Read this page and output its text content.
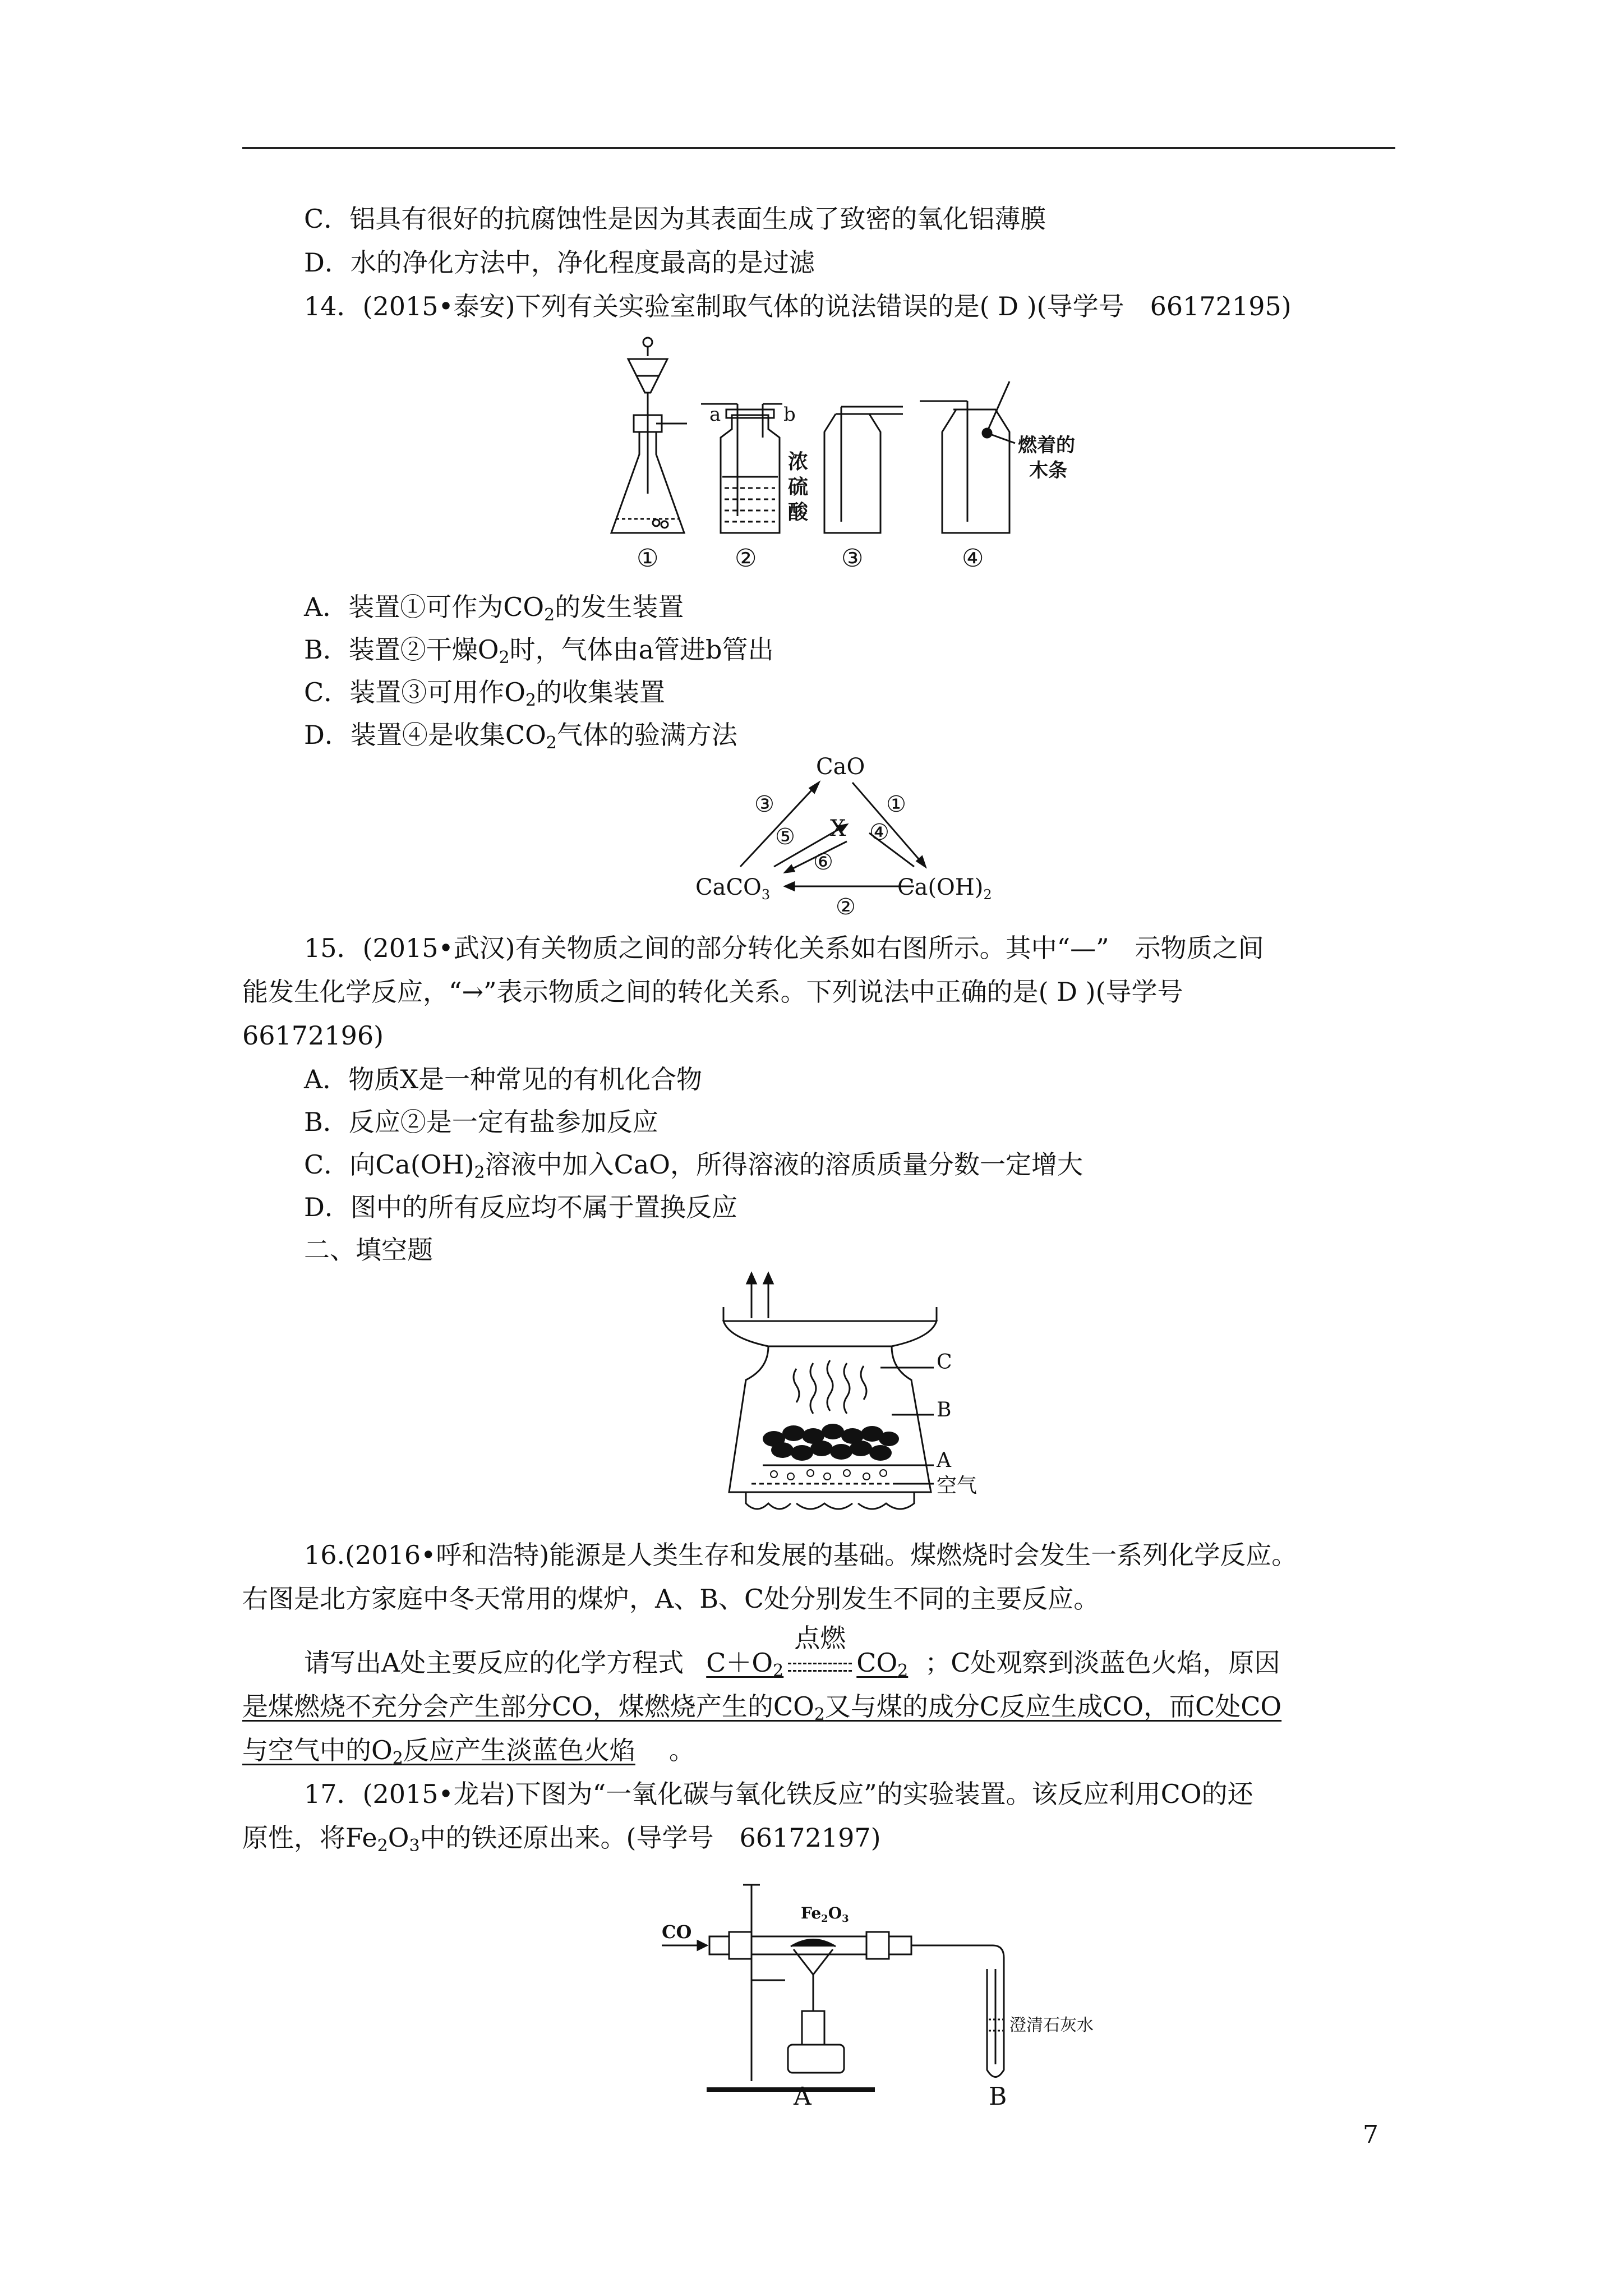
C．铝具有很好的抗腐蚀性是因为其表面生成了致密的氧化铝薄膜
D．水的净化方法中，净化程度最高的是过滤
14．(2015•泰安)下列有关实验室制取气体的说法错误的是( D )(导学号　66172195)
①	②	③	④
a	b
浓
硫
酸
燃着的
木条
A．装置①可作为$CO_2$的发生装置
B．装置②干燥$O_2$时，气体由a管进b管出
C．装置③可用作$O_2$的收集装置
D．装置④是收集$CO_2$气体的验满方法
CaO
X
CaCO$_3$	$Ca(OH)_2$
①
②
③
④
⑤
⑥
15．(2015•武汉)有关物质之间的部分转化关系如右图所示。其中“—”　示物质之间
能发生化学反应，“→”表示物质之间的转化关系。下列说法中正确的是( D )(导学号
66172196)
A．物质X是一种常见的有机化合物
B．反应②是一定有盐参加反应
C．向$Ca(OH)_2$溶液中加入CaO，所得溶液的溶质质量分数一定增大
D．图中的所有反应均不属于置换反应
二、填空题
C
B
A
空气
16.(2016•呼和浩特)能源是人类生存和发展的基础。煤燃烧时会发生一系列化学反应。
右图是北方家庭中冬天常用的煤炉，A、B、C处分别发生不同的主要反应。
请写出A处主要反应的化学方程式 $C+O_2$
点燃
$CO_2$ ；C处观察到淡蓝色火焰，原因
是煤燃烧不充分会产生部分CO，煤燃烧产生的$CO_2$又与煤的成分C反应生成CO，而C处CO
与空气中的$O_2$反应产生淡蓝色火焰 。
17．(2015•龙岩)下图为“一氧化碳与氧化铁反应”的实验装置。该反应利用CO的还
原性，将$Fe_2O_3$中的铁还原出来。(导学号　66172197)
CO
$Fe_2O_3$
澄清石灰水
A	B
7
